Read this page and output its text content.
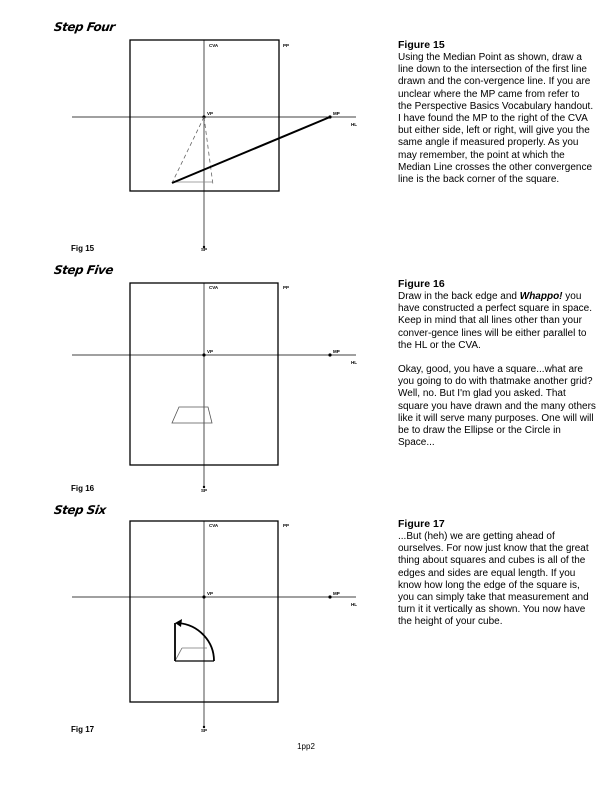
Step Four
CVA	PP
VP	MP
HL
SP
Fig 15
Figure 15

Using the Median Point as shown, draw a line down to the intersection of the first line drawn and the con-vergence line. If you are unclear where the MP came from refer to the Perspective Basics Vocabulary handout. I have found the MP to the right of the CVA but either side, left or right, will give you the same angle if measured properly. As you may remember, the point at which the Median Line crosses the other convergence line is the back corner of the square.

Step Five
CVA	PP
VP	MP
HL
SP
Fig 16
Figure 16

Draw in the back edge and Whappo! you have constructed a perfect square in space. Keep in mind that all lines other than your conver-gence lines will be either parallel to the HL or the CVA.

Okay, good, you have a square...what are you going to do with thatmake another grid? Well, no. But I'm glad you asked. That square you have drawn and the many others like it will serve many purposes. One will will be to draw the Ellipse or the Circle in Space...

Step Six
CVA	PP
VP	MP
HL
SP
Fig 17
Figure 17

...But (heh) we are getting ahead of ourselves. For now just know that the great thing about squares and cubes is all of the edges and sides are equal length. If you know how long the edge of the square is, you can simply take that measurement and turn it it vertically as shown. You now have the height of your cube.

1pp2
